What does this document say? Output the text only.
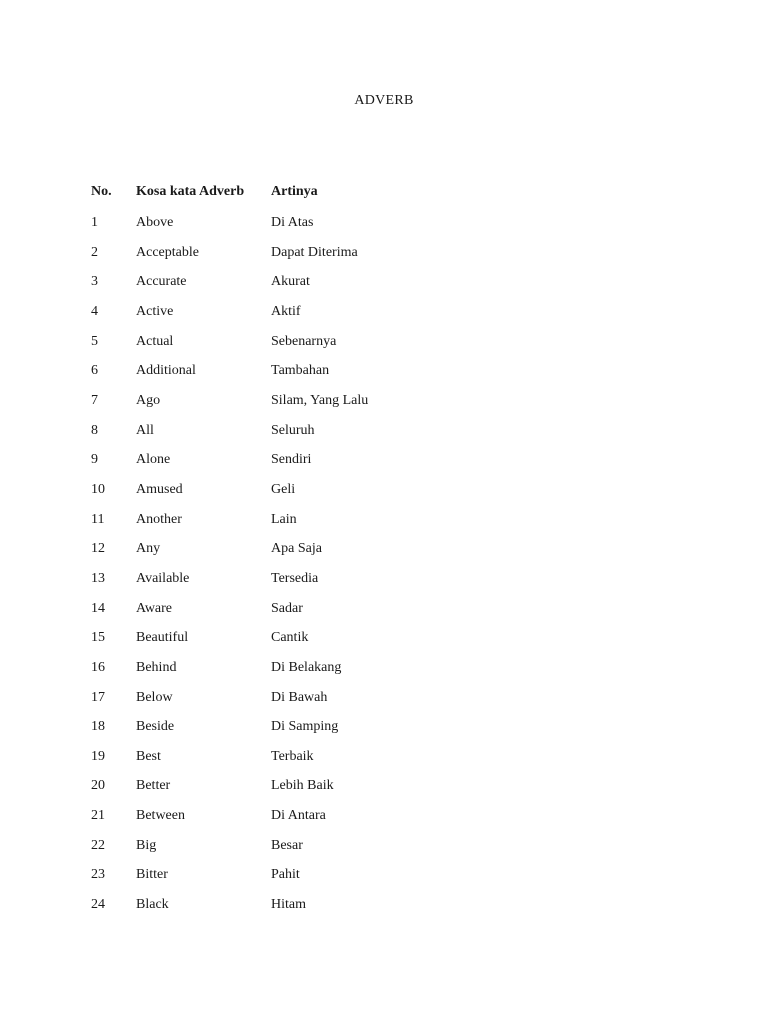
ADVERB
No.	Kosa kata Adverb	Artinya
1	Above	Di Atas
2	Acceptable	Dapat Diterima
3	Accurate	Akurat
4	Active	Aktif
5	Actual	Sebenarnya
6	Additional	Tambahan
7	Ago	Silam, Yang Lalu
8	All	Seluruh
9	Alone	Sendiri
10	Amused	Geli
11	Another	Lain
12	Any	Apa Saja
13	Available	Tersedia
14	Aware	Sadar
15	Beautiful	Cantik
16	Behind	Di Belakang
17	Below	Di Bawah
18	Beside	Di Samping
19	Best	Terbaik
20	Better	Lebih Baik
21	Between	Di Antara
22	Big	Besar
23	Bitter	Pahit
24	Black	Hitam
